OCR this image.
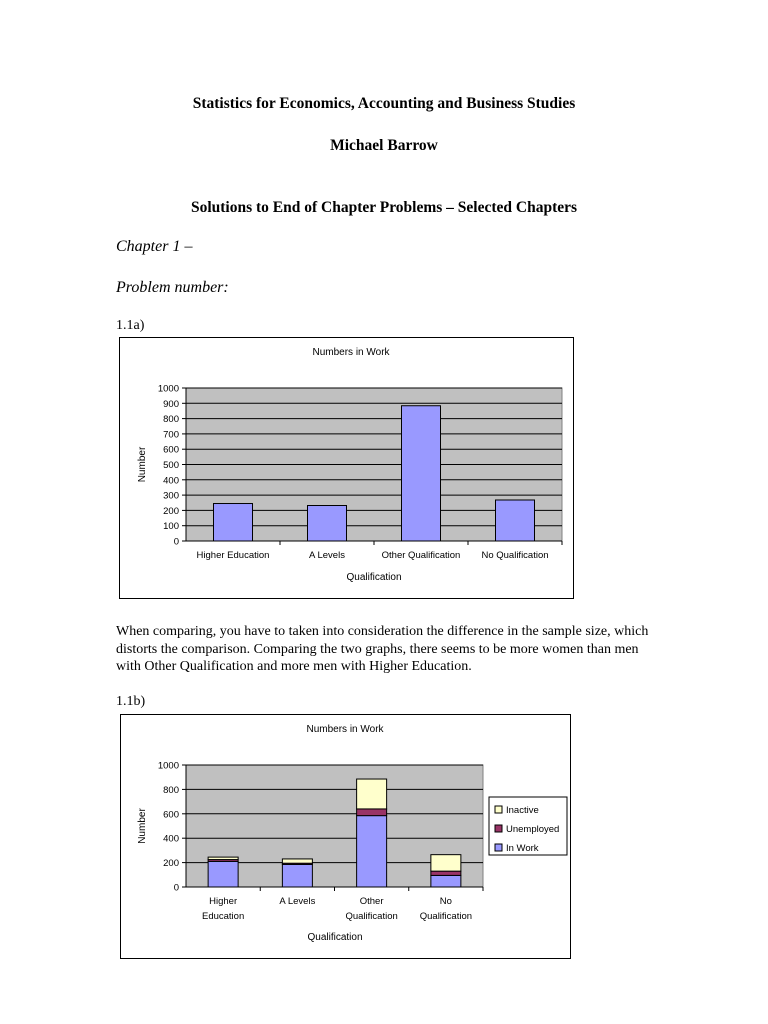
Statistics for Economics, Accounting and Business Studies
Michael Barrow
Solutions to End of Chapter Problems – Selected Chapters
Chapter 1 –
Problem number:
1.1a)
Numbers in Work
0
100
200
300
400
500
600
700
800
900
1000
Higher Education	A Levels	Other Qualification No Qualification
Qualification
Number
When comparing, you have to taken into consideration the difference in the sample size, which distorts the comparison. Comparing the two graphs, there seems to be more women than men with Other Qualification and more men with Higher Education.
1.1b)
Numbers in Work
0
200
400
600
800
1000
Higher
Education
A Levels	Other
Qualification
No
Qualification
Qualification
Number	Inactive
Unemployed
In Work
